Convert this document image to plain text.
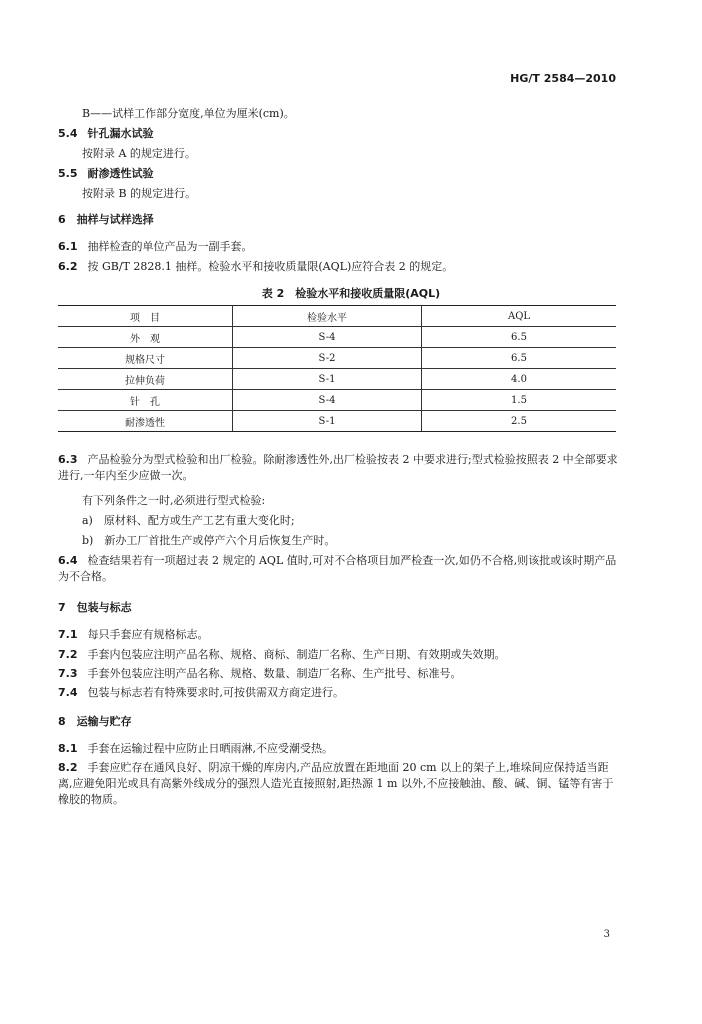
HG/T 2584—2010
B——试样工作部分宽度,单位为厘米(cm)。
5.4 针孔漏水试验
按附录 A 的规定进行。
5.5 耐渗透性试验
按附录 B 的规定进行。
6　抽样与试样选择
6.1 抽样检查的单位产品为一副手套。
6.2 按 GB/T 2828.1 抽样。检验水平和接收质量限(AQL)应符合表 2 的规定。
表 2　检验水平和接收质量限(AQL)
项　目	检验水平	AQL
外　观	S-4	6.5
规格尺寸	S-2	6.5
拉伸负荷	S-1	4.0
针　孔	S-4	1.5
耐渗透性	S-1	2.5
6.3 产品检验分为型式检验和出厂检验。除耐渗透性外,出厂检验按表 2 中要求进行;型式检验按照表 2 中全部要求进行,一年内至少应做一次。
有下列条件之一时,必须进行型式检验:
a)　原材料、配方或生产工艺有重大变化时;
b)　新办工厂首批生产或停产六个月后恢复生产时。
6.4 检查结果若有一项超过表 2 规定的 AQL 值时,可对不合格项目加严检查一次,如仍不合格,则该批或该时期产品为不合格。
7　包装与标志
7.1 每只手套应有规格标志。
7.2 手套内包装应注明产品名称、规格、商标、制造厂名称、生产日期、有效期或失效期。
7.3 手套外包装应注明产品名称、规格、数量、制造厂名称、生产批号、标准号。
7.4 包装与标志若有特殊要求时,可按供需双方商定进行。
8　运输与贮存
8.1 手套在运输过程中应防止日晒雨淋,不应受潮受热。
8.2 手套应贮存在通风良好、阴凉干燥的库房内,产品应放置在距地面 20 cm 以上的架子上,堆垛间应保持适当距离,应避免阳光或具有高紫外线成分的强烈人造光直接照射,距热源 1 m 以外,不应接触油、酸、碱、铜、锰等有害于橡胶的物质。
3
